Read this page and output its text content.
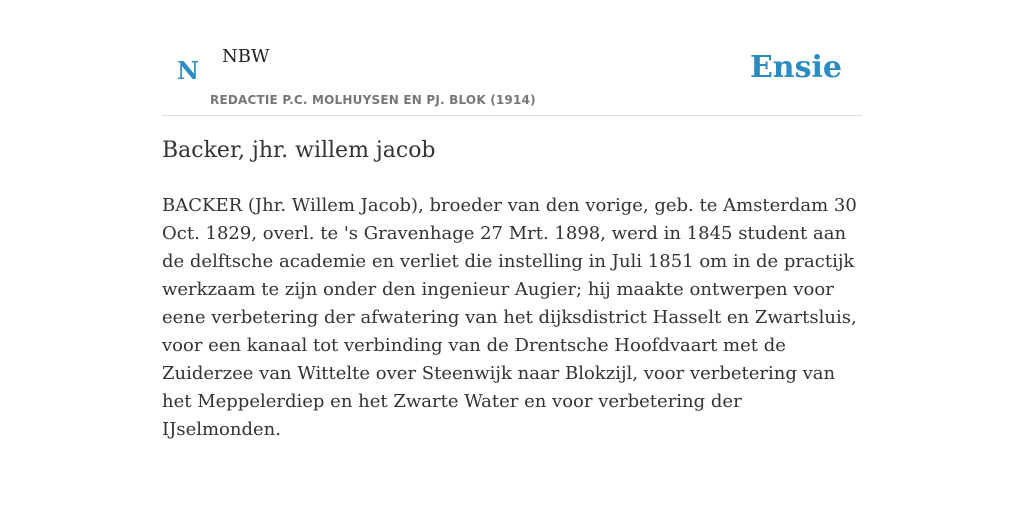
N NBW
REDACTIE P.C. MOLHUYSEN EN PJ. BLOK (1914)
Ensie
Backer, jhr. willem jacob

BACKER (Jhr. Willem Jacob), broeder van den vorige, geb. te Amsterdam 30 Oct. 1829, overl. te 's Gravenhage 27 Mrt. 1898, werd in 1845 student aan de delftsche academie en verliet die instelling in Juli 1851 om in de practijk werkzaam te zijn onder den ingenieur Augier; hij maakte ontwerpen voor eene verbetering der afwatering van het dijksdistrict Hasselt en Zwartsluis, voor een kanaal tot verbinding van de Drentsche Hoofdvaart met de Zuiderzee van Wittelte over Steenwijk naar Blokzijl, voor verbetering van het Meppelerdiep en het Zwarte Water en voor verbetering der IJselmonden.
